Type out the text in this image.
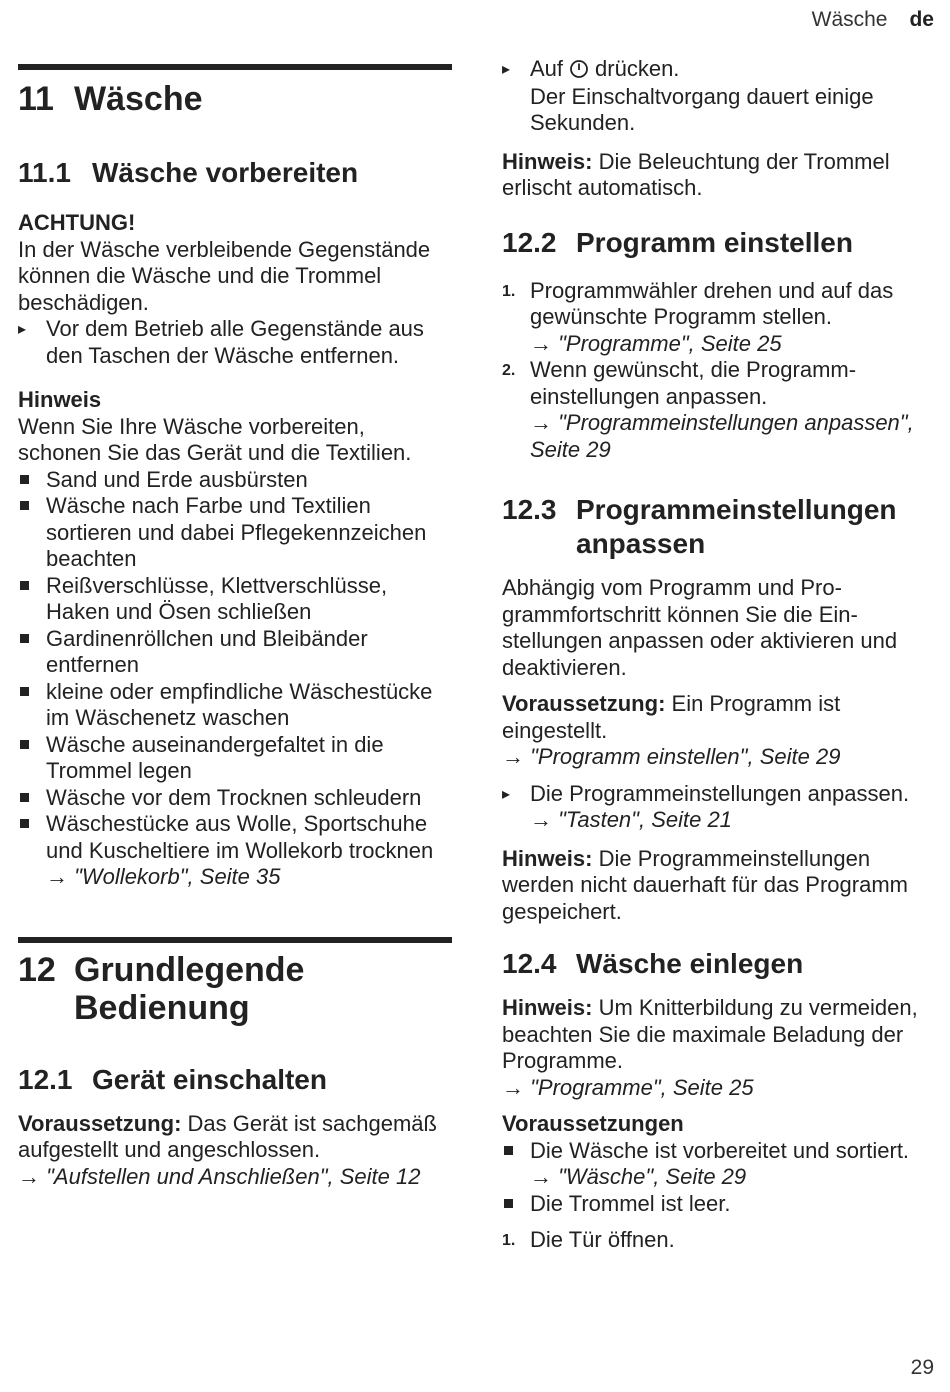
Wäsche de
11 Wäsche
11.1 Wäsche vorbereiten
ACHTUNG!
In der Wäsche verbleibende Gegenstände können die Wäsche und die Trommel beschädigen.
▸
Vor dem Betrieb alle Gegenstände aus den Taschen der Wäsche entfernen.
Hinweis
Wenn Sie Ihre Wäsche vorbereiten, schonen Sie das Gerät und die Textilien.
Sand und Erde ausbürsten
Wäsche nach Farbe und Textilien sortieren und dabei Pflegekennzeichen beachten
Reißverschlüsse, Klettverschlüsse, Haken und Ösen schließen
Gardinenröllchen und Bleibänder entfernen
kleine oder empfindliche Wäschestücke im Wäschenetz waschen
Wäsche auseinandergefaltet in die Trommel legen
Wäsche vor dem Trocknen schleudern
Wäschestücke aus Wolle, Sportschuhe und Kuscheltiere im Wollekorb trocknen
→ "Wollekorb", Seite 35
12 Grundlegende
Bedienung
12.1 Gerät einschalten
Voraussetzung: Das Gerät ist sachgemäß aufgestellt und angeschlossen.
→ "Aufstellen und Anschließen", Seite 12
▸
Auf drücken.
Der Einschaltvorgang dauert einige Sekunden.
Hinweis: Die Beleuchtung der Trommel erlischt automatisch.
12.2 Programm einstellen
1. Programmwähler drehen und auf das gewünschte Programm stellen.
→ "Programme", Seite 25
2. Wenn gewünscht, die Programmeinstellungen anpassen.
→ "Programmeinstellungen anpassen", Seite 29
12.3 Programmeinstellungen
anpassen
Abhängig vom Programm und Programmfortschritt können Sie die Einstellungen anpassen oder aktivieren und deaktivieren.
Voraussetzung: Ein Programm ist eingestellt.
→ "Programm einstellen", Seite 29
▸
Die Programmeinstellungen anpassen.
→ "Tasten", Seite 21
Hinweis: Die Programmeinstellungen werden nicht dauerhaft für das Programm gespeichert.
12.4 Wäsche einlegen
Hinweis: Um Knitterbildung zu vermeiden, beachten Sie die maximale Beladung der Programme.
→ "Programme", Seite 25
Voraussetzungen
Die Wäsche ist vorbereitet und sortiert.
→ "Wäsche", Seite 29
Die Trommel ist leer.
1. Die Tür öffnen.
29
